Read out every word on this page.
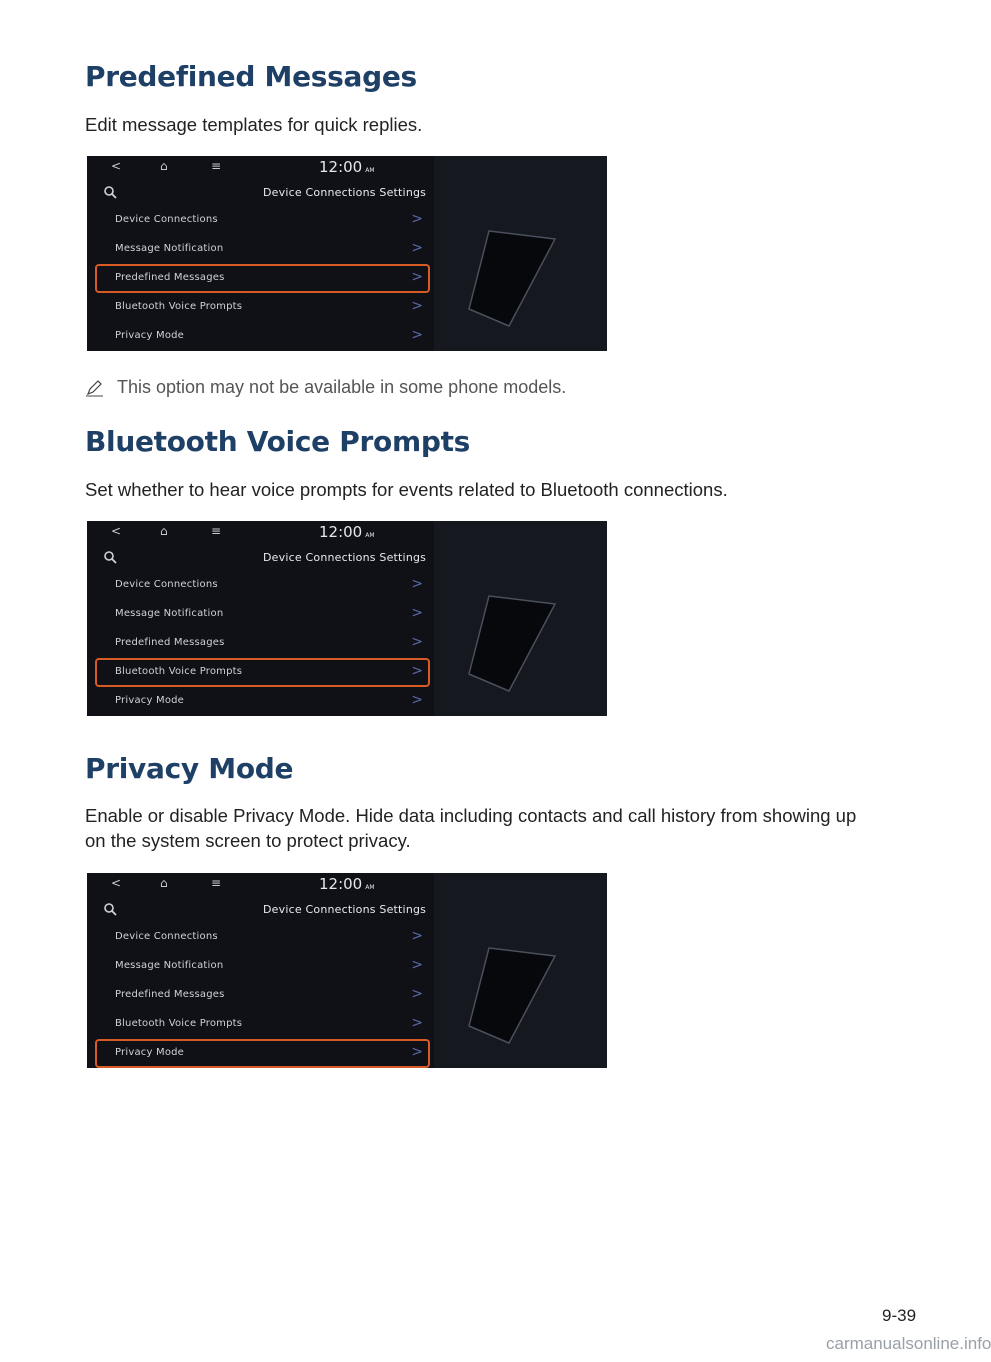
Predefined Messages

Edit message templates for quick replies.

<	⌂	≡	12:00 AM
Device Connections Settings
Device Connections	>
Message Notification	>
Predefined Messages	>
Bluetooth Voice Prompts	>
Privacy Mode	>
This option may not be available in some phone models.
Bluetooth Voice Prompts

Set whether to hear voice prompts for events related to Bluetooth connections.

<	⌂	≡	12:00 AM
Device Connections Settings
Device Connections	>
Message Notification	>
Predefined Messages	>
Bluetooth Voice Prompts	>
Privacy Mode	>
Privacy Mode

Enable or disable Privacy Mode. Hide data including contacts and call history from showing up on the system screen to protect privacy.

<	⌂	≡	12:00 AM
Device Connections Settings
Device Connections	>
Message Notification	>
Predefined Messages	>
Bluetooth Voice Prompts	>
Privacy Mode	>
9-39
carmanualsonline.info
